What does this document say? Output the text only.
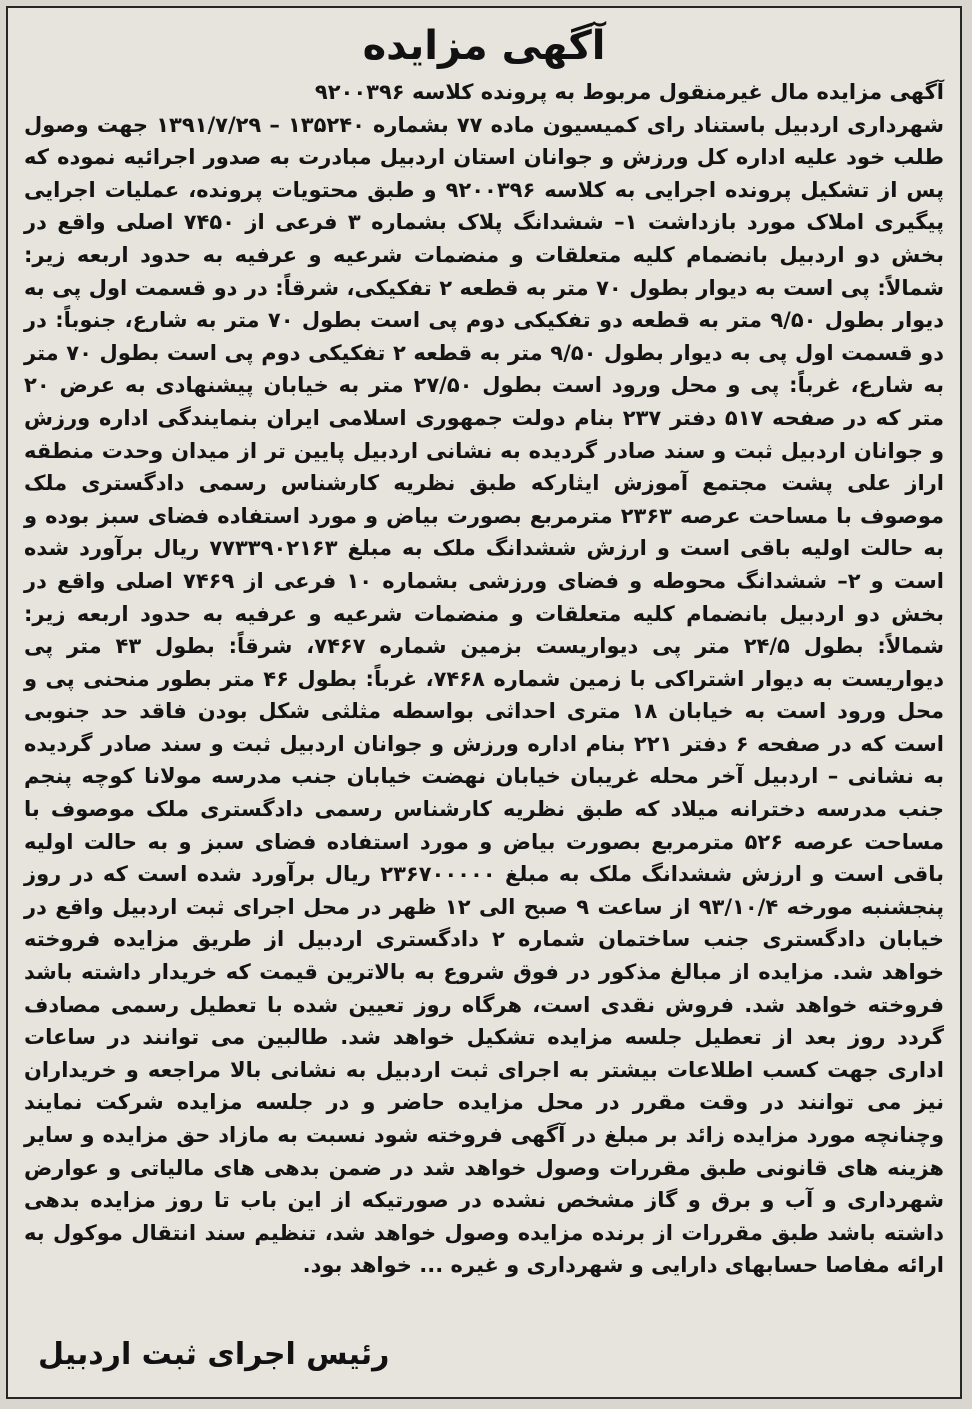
آگهی مزایده

آگهی مزایده مال غیرمنقول مربوط به پرونده کلاسه ۹۲۰۰۳۹۶

شهرداری اردبیل باستناد رای کمیسیون ماده ۷۷ بشماره ۱۳۵۲۴۰ – ۱۳۹۱/۷/۲۹ جهت وصول طلب خود علیه اداره کل ورزش و جوانان استان اردبیل مبادرت به صدور اجرائیه نموده که پس از تشکیل پرونده اجرایی به کلاسه ۹۲۰۰۳۹۶ و طبق محتویات پرونده، عملیات اجرایی پیگیری املاک مورد بازداشت ۱– ششدانگ پلاک بشماره ۳ فرعی از ۷۴۵۰ اصلی واقع در بخش دو اردبیل بانضمام کلیه متعلقات و منضمات شرعیه و عرفیه به حدود اربعه زیر: شمالاً: پی است به دیوار بطول ۷۰ متر به قطعه ۲ تفکیکی، شرقاً: در دو قسمت اول پی به دیوار بطول ۹/۵۰ متر به قطعه دو تفکیکی دوم پی است بطول ۷۰ متر به شارع، جنوباً: در دو قسمت اول پی به دیوار بطول ۹/۵۰ متر به قطعه ۲ تفکیکی دوم پی است بطول ۷۰ متر به شارع، غرباً: پی و محل ورود است بطول ۲۷/۵۰ متر به خیابان پیشنهادی به عرض ۲۰ متر که در صفحه ۵۱۷ دفتر ۲۳۷ بنام دولت جمهوری اسلامی ایران بنمایندگی اداره ورزش و جوانان اردبیل ثبت و سند صادر گردیده به نشانی اردبیل پایین تر از میدان وحدت منطقه اراز علی پشت مجتمع آموزش ایثارکه طبق نظریه کارشناس رسمی دادگستری ملک موصوف با مساحت عرصه ۲۳۶۳ مترمربع بصورت بیاض و مورد استفاده فضای سبز بوده و به حالت اولیه باقی است و ارزش ششدانگ ملک به مبلغ ۷۷۳۳۹۰۲۱۶۳ ریال برآورد شده است و ۲– ششدانگ محوطه و فضای ورزشی بشماره ۱۰ فرعی از ۷۴۶۹ اصلی واقع در بخش دو اردبیل بانضمام کلیه متعلقات و منضمات شرعیه و عرفیه به حدود اربعه زیر: شمالاً: بطول ۲۴/۵ متر پی دیواریست بزمین شماره ۷۴۶۷، شرقاً: بطول ۴۳ متر پی دیواریست به دیوار اشتراکی با زمین شماره ۷۴۶۸، غرباً: بطول ۴۶ متر بطور منحنی پی و محل ورود است به خیابان ۱۸ متری احداثی بواسطه مثلثی شکل بودن فاقد حد جنوبی است که در صفحه ۶ دفتر ۲۲۱ بنام اداره ورزش و جوانان اردبیل ثبت و سند صادر گردیده به نشانی – اردبیل آخر محله غریبان خیابان نهضت خیابان جنب مدرسه مولانا کوچه پنجم جنب مدرسه دخترانه میلاد که طبق نظریه کارشناس رسمی دادگستری ملک موصوف با مساحت عرصه ۵۲۶ مترمربع بصورت بیاض و مورد استفاده فضای سبز و به حالت اولیه باقی است و ارزش ششدانگ ملک به مبلغ ۲۳۶۷۰۰۰۰۰ ریال برآورد شده است که در روز پنجشنبه مورخه ۹۳/۱۰/۴ از ساعت ۹ صبح الی ۱۲ ظهر در محل اجرای ثبت اردبیل واقع در خیابان دادگستری جنب ساختمان شماره ۲ دادگستری اردبیل از طریق مزایده فروخته خواهد شد. مزایده از مبالغ مذکور در فوق شروع به بالاترین قیمت که خریدار داشته باشد فروخته خواهد شد. فروش نقدی است، هرگاه روز تعیین شده با تعطیل رسمی مصادف گردد روز بعد از تعطیل جلسه مزایده تشکیل خواهد شد. طالبین می توانند در ساعات اداری جهت کسب اطلاعات بیشتر به اجرای ثبت اردبیل به نشانی بالا مراجعه و خریداران نیز می توانند در وقت مقرر در محل مزایده حاضر و در جلسه مزایده شرکت نمایند وچنانچه مورد مزایده زائد بر مبلغ در آگهی فروخته شود نسبت به مازاد حق مزایده و سایر هزینه های قانونی طبق مقررات وصول خواهد شد در ضمن بدهی های مالیاتی و عوارض شهرداری و آب و برق و گاز مشخص نشده در صورتیکه از این باب تا روز مزایده بدهی داشته باشد طبق مقررات از برنده مزایده وصول خواهد شد، تنظیم سند انتقال موکول به ارائه مفاصا حسابهای دارایی و شهرداری و غیره ... خواهد بود.

رئیس اجرای ثبت اردبیل
